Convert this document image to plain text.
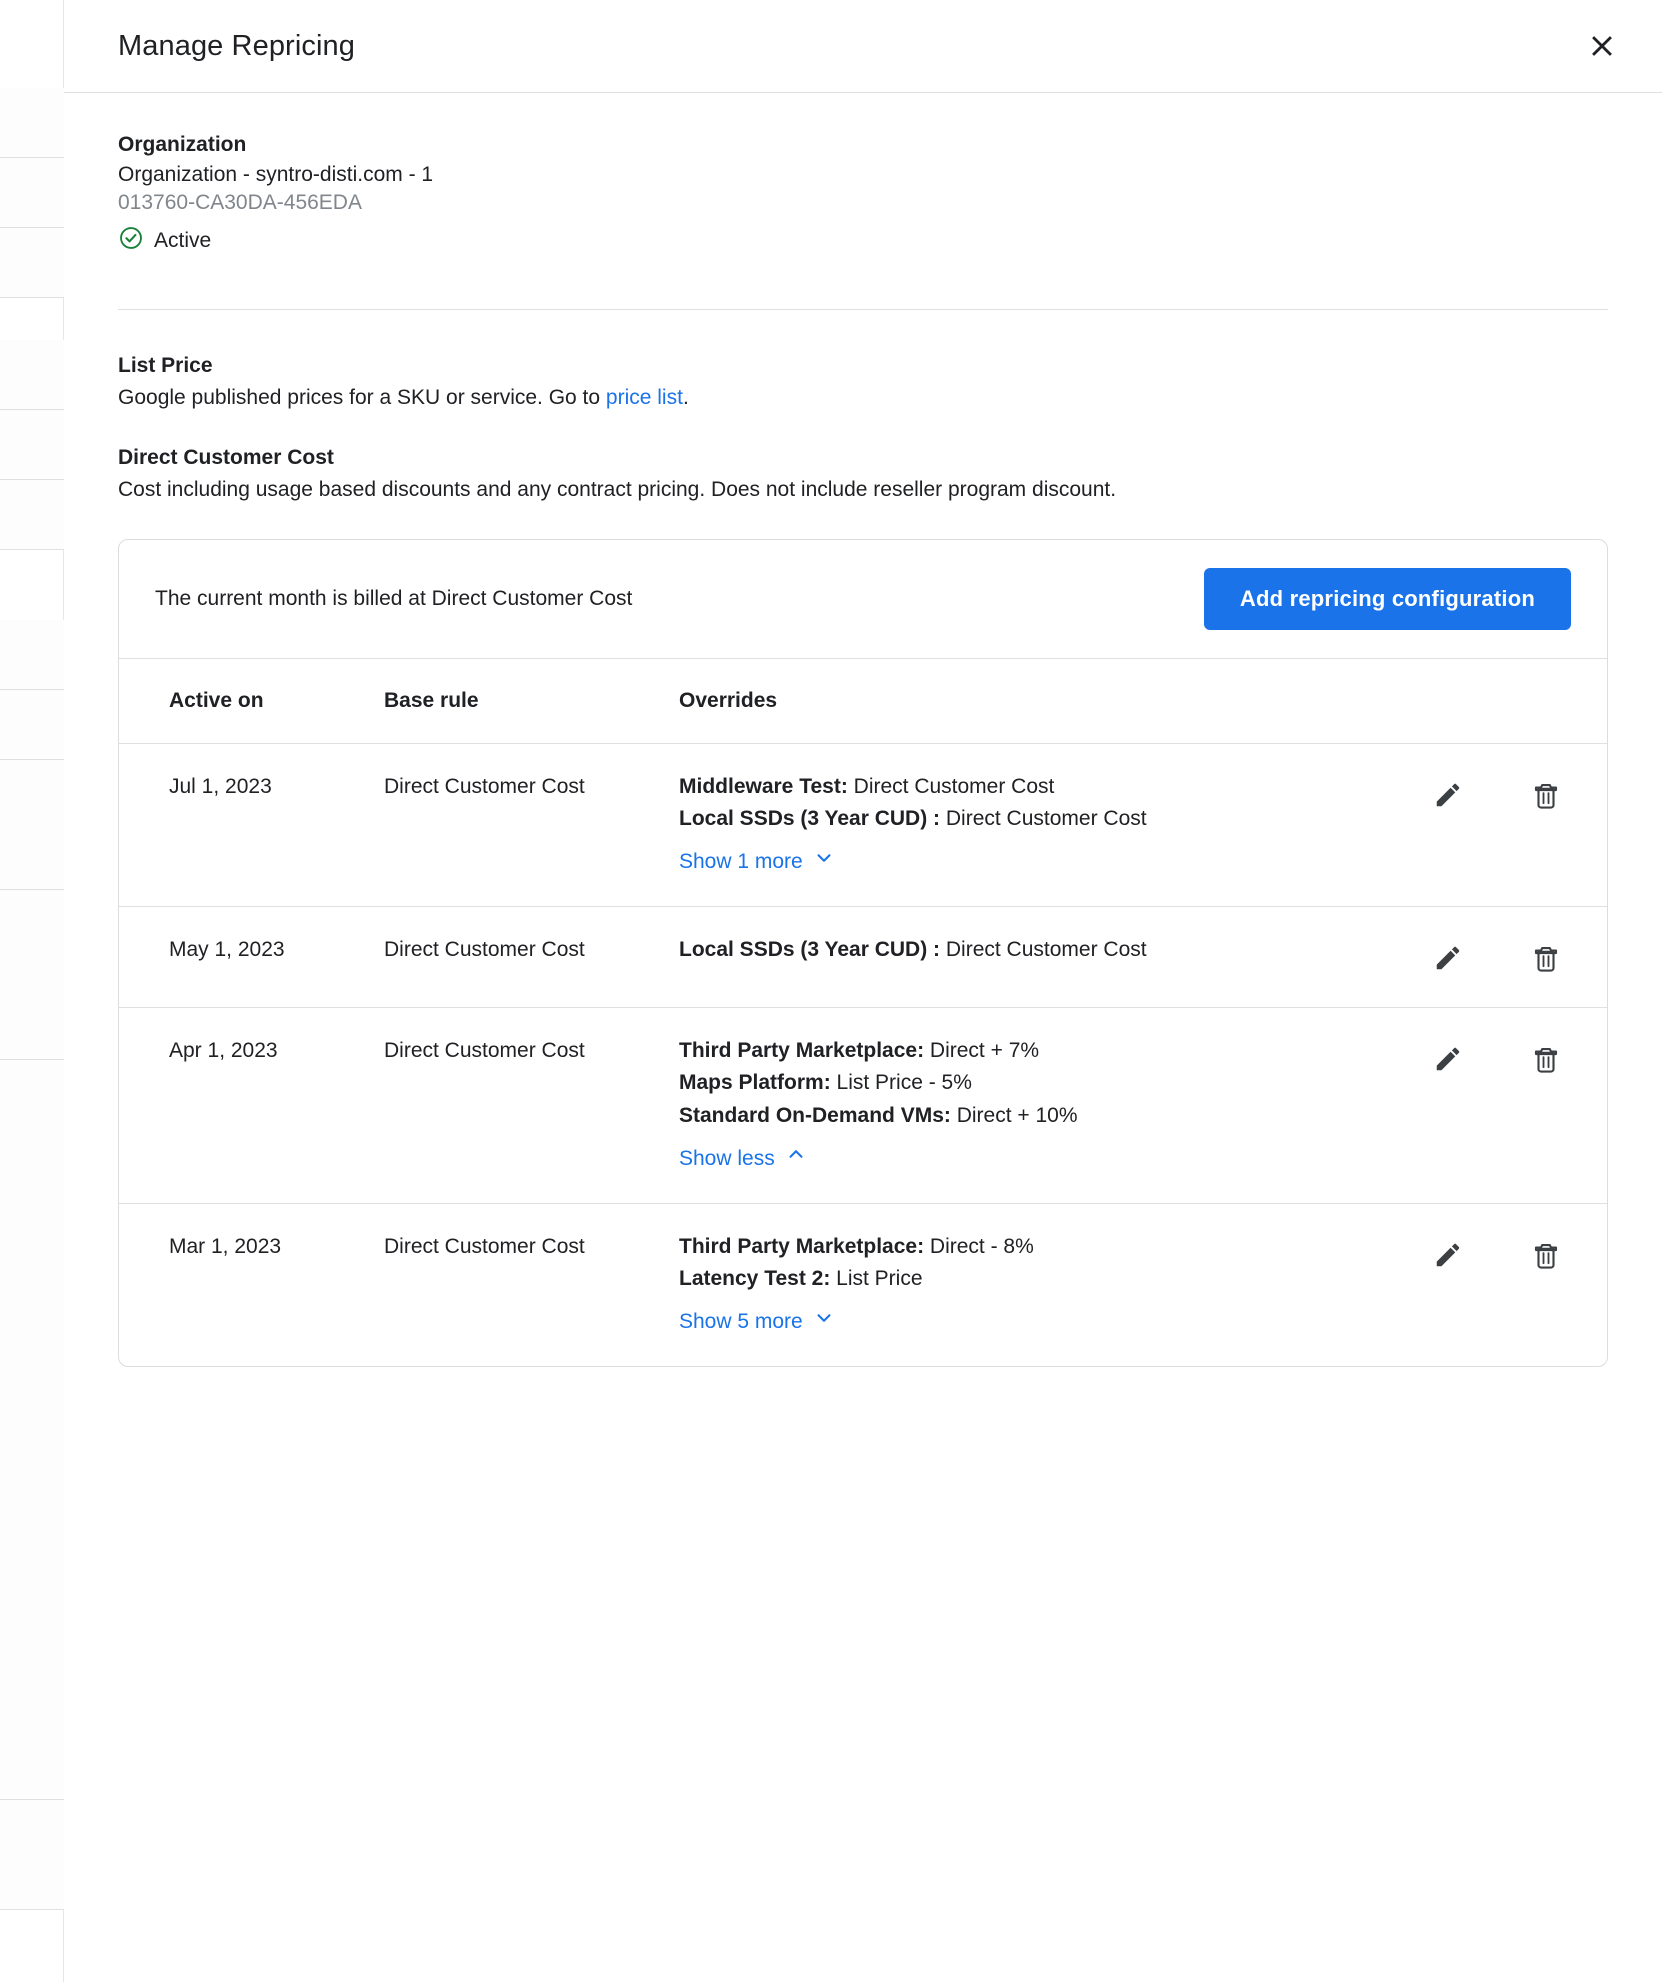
Manage Repricing
Organization
Organization - syntro-disti.com - 1
013760-CA30DA-456EDA
Active
List Price

Google published prices for a SKU or service. Go to price list.

Direct Customer Cost

Cost including usage based discounts and any contract pricing. Does not include reseller program discount.

The current month is billed at Direct Customer Cost	Add repricing configuration
Active on	Base rule	Overrides	
Jul 1, 2023	Direct Customer Cost	Middleware Test: Direct Customer Cost
Local SSDs (3 Year CUD) : Direct Customer Cost
Show 1 more

May 1, 2023	Direct Customer Cost	Local SSDs (3 Year CUD) : Direct Customer Cost

Apr 1, 2023	Direct Customer Cost	Third Party Marketplace: Direct + 7%
Maps Platform: List Price - 5%
Standard On-Demand VMs: Direct + 10%
Show less

Mar 1, 2023	Direct Customer Cost	Third Party Marketplace: Direct - 8%
Latency Test 2: List Price
Show 5 more
